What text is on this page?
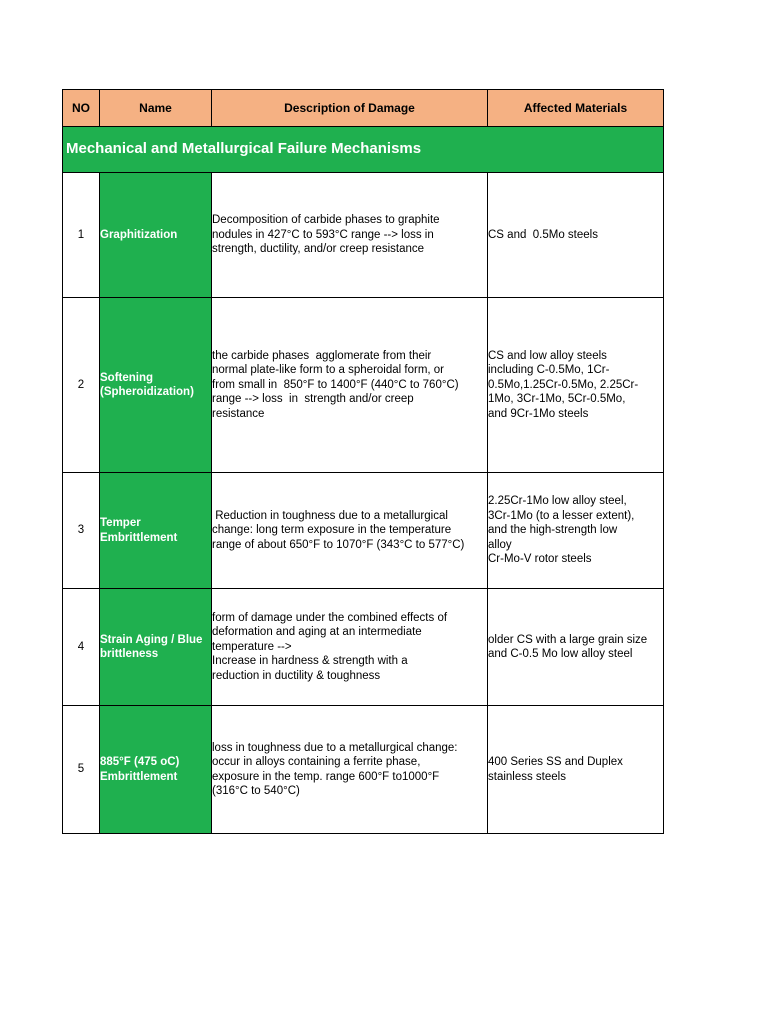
NO	Name	Description of Damage	Affected Materials
Mechanical and Metallurgical Failure Mechanisms			
1	Graphitization	Decomposition of carbide phases to graphite
nodules in 427°C to 593°C range --> loss in
strength, ductility, and/or creep resistance	CS and  0.5Mo steels

2	Softening
(Spheroidization)	the carbide phases  agglomerate from their
normal plate-like form to a spheroidal form, or
from small in  850°F to 1400°F (440°C to 760°C)
range --> loss  in  strength and/or creep
resistance	CS and low alloy steels
including C-0.5Mo, 1Cr-
0.5Mo,1.25Cr-0.5Mo, 2.25Cr-
1Mo, 3Cr-1Mo, 5Cr-0.5Mo,
and 9Cr-1Mo steels

3	Temper
Embrittlement	Reduction in toughness due to a metallurgical
change: long term exposure in the temperature
range of about 650°F to 1070°F (343°C to 577°C)	2.25Cr-1Mo low alloy steel,
3Cr-1Mo (to a lesser extent),
and the high-strength low
alloy
Cr-Mo-V rotor steels

4	Strain Aging / Blue
brittleness	form of damage under the combined effects of
deformation and aging at an intermediate
temperature -->
Increase in hardness & strength with a
reduction in ductility & toughness	older CS with a large grain size
and C-0.5 Mo low alloy steel

5	885°F (475 oC)
Embrittlement	loss in toughness due to a metallurgical change:
occur in alloys containing a ferrite phase,
exposure in the temp. range 600°F to1000°F
(316°C to 540°C)	400 Series SS and Duplex
stainless steels
